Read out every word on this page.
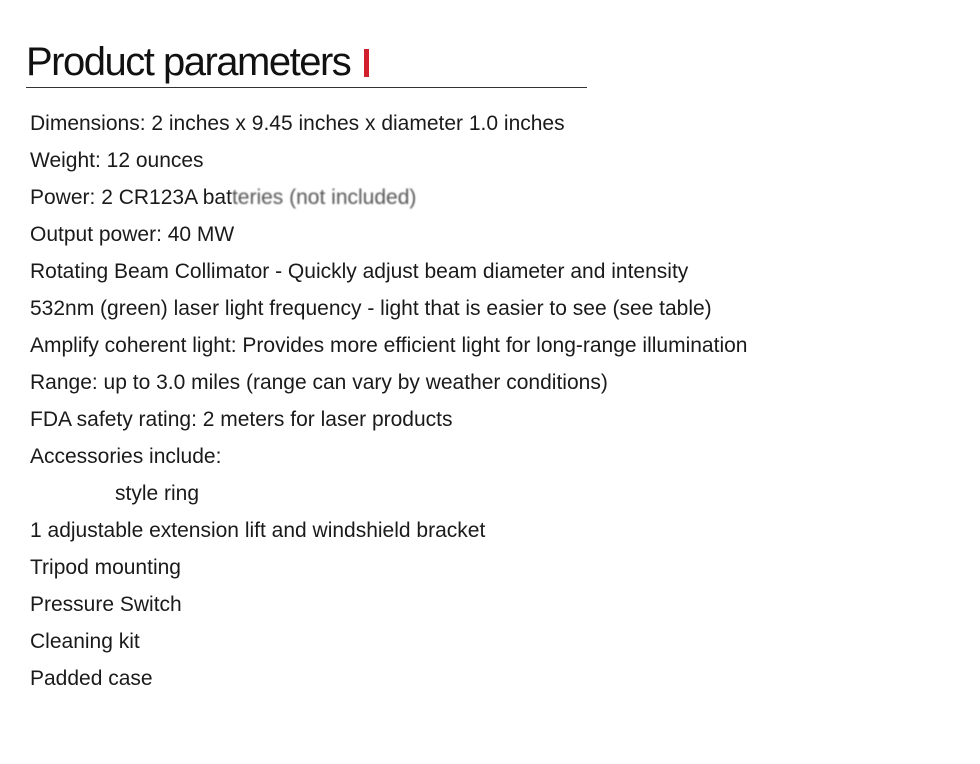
Product parameters
Dimensions: 2 inches x 9.45 inches x diameter 1.0 inches
Weight: 12 ounces
Power: 2 CR123A batteries (not included)
Output power: 40 MW
Rotating Beam Collimator - Quickly adjust beam diameter and intensity
532nm (green) laser light frequency - light that is easier to see (see table)
Amplify coherent light: Provides more efficient light for long-range illumination
Range: up to 3.0 miles (range can vary by weather conditions)
FDA safety rating: 2 meters for laser products
Accessories include:
style ring
1 adjustable extension lift and windshield bracket
Tripod mounting
Pressure Switch
Cleaning kit
Padded case
